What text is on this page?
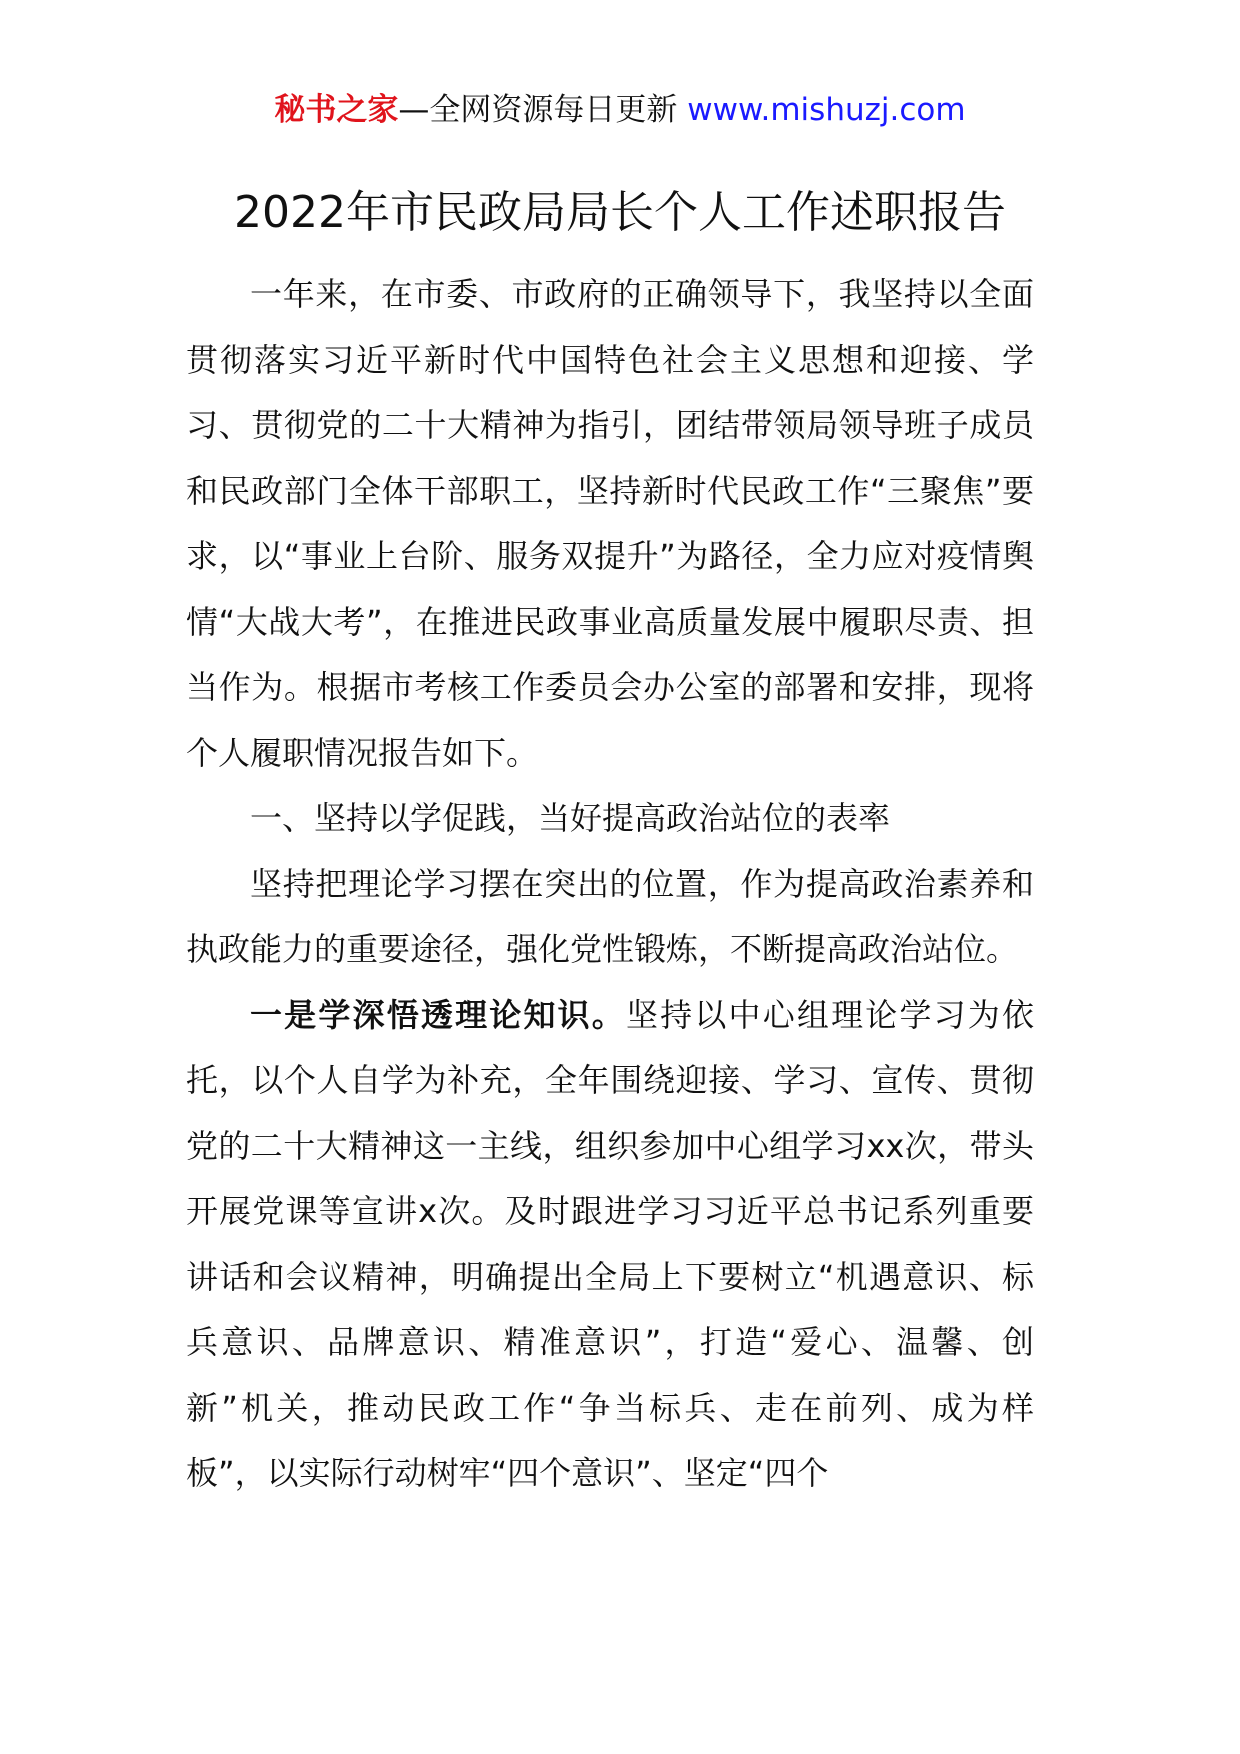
秘书之家—全网资源每日更新 www.mishuzj.com
2022年市民政局局长个人工作述职报告

一年来，在市委、市政府的正确领导下，我坚持以全面贯彻落实习近平新时代中国特色社会主义思想和迎接、学习、贯彻党的二十大精神为指引，团结带领局领导班子成员和民政部门全体干部职工，坚持新时代民政工作“三聚焦”要求，以“事业上台阶、服务双提升”为路径，全力应对疫情舆情“大战大考”，在推进民政事业高质量发展中履职尽责、担当作为。根据市考核工作委员会办公室的部署和安排，现将个人履职情况报告如下。

一、坚持以学促践，当好提高政治站位的表率

坚持把理论学习摆在突出的位置，作为提高政治素养和执政能力的重要途径，强化党性锻炼，不断提高政治站位。

一是学深悟透理论知识。坚持以中心组理论学习为依托，以个人自学为补充，全年围绕迎接、学习、宣传、贯彻党的二十大精神这一主线，组织参加中心组学习xx次，带头开展党课等宣讲x次。及时跟进学习习近平总书记系列重要讲话和会议精神，明确提出全局上下要树立“机遇意识、标兵意识、品牌意识、精准意识”，打造“爱心、温馨、创新”机关，推动民政工作“争当标兵、走在前列、成为样板”，以实际行动树牢“四个意识”、坚定“四个
